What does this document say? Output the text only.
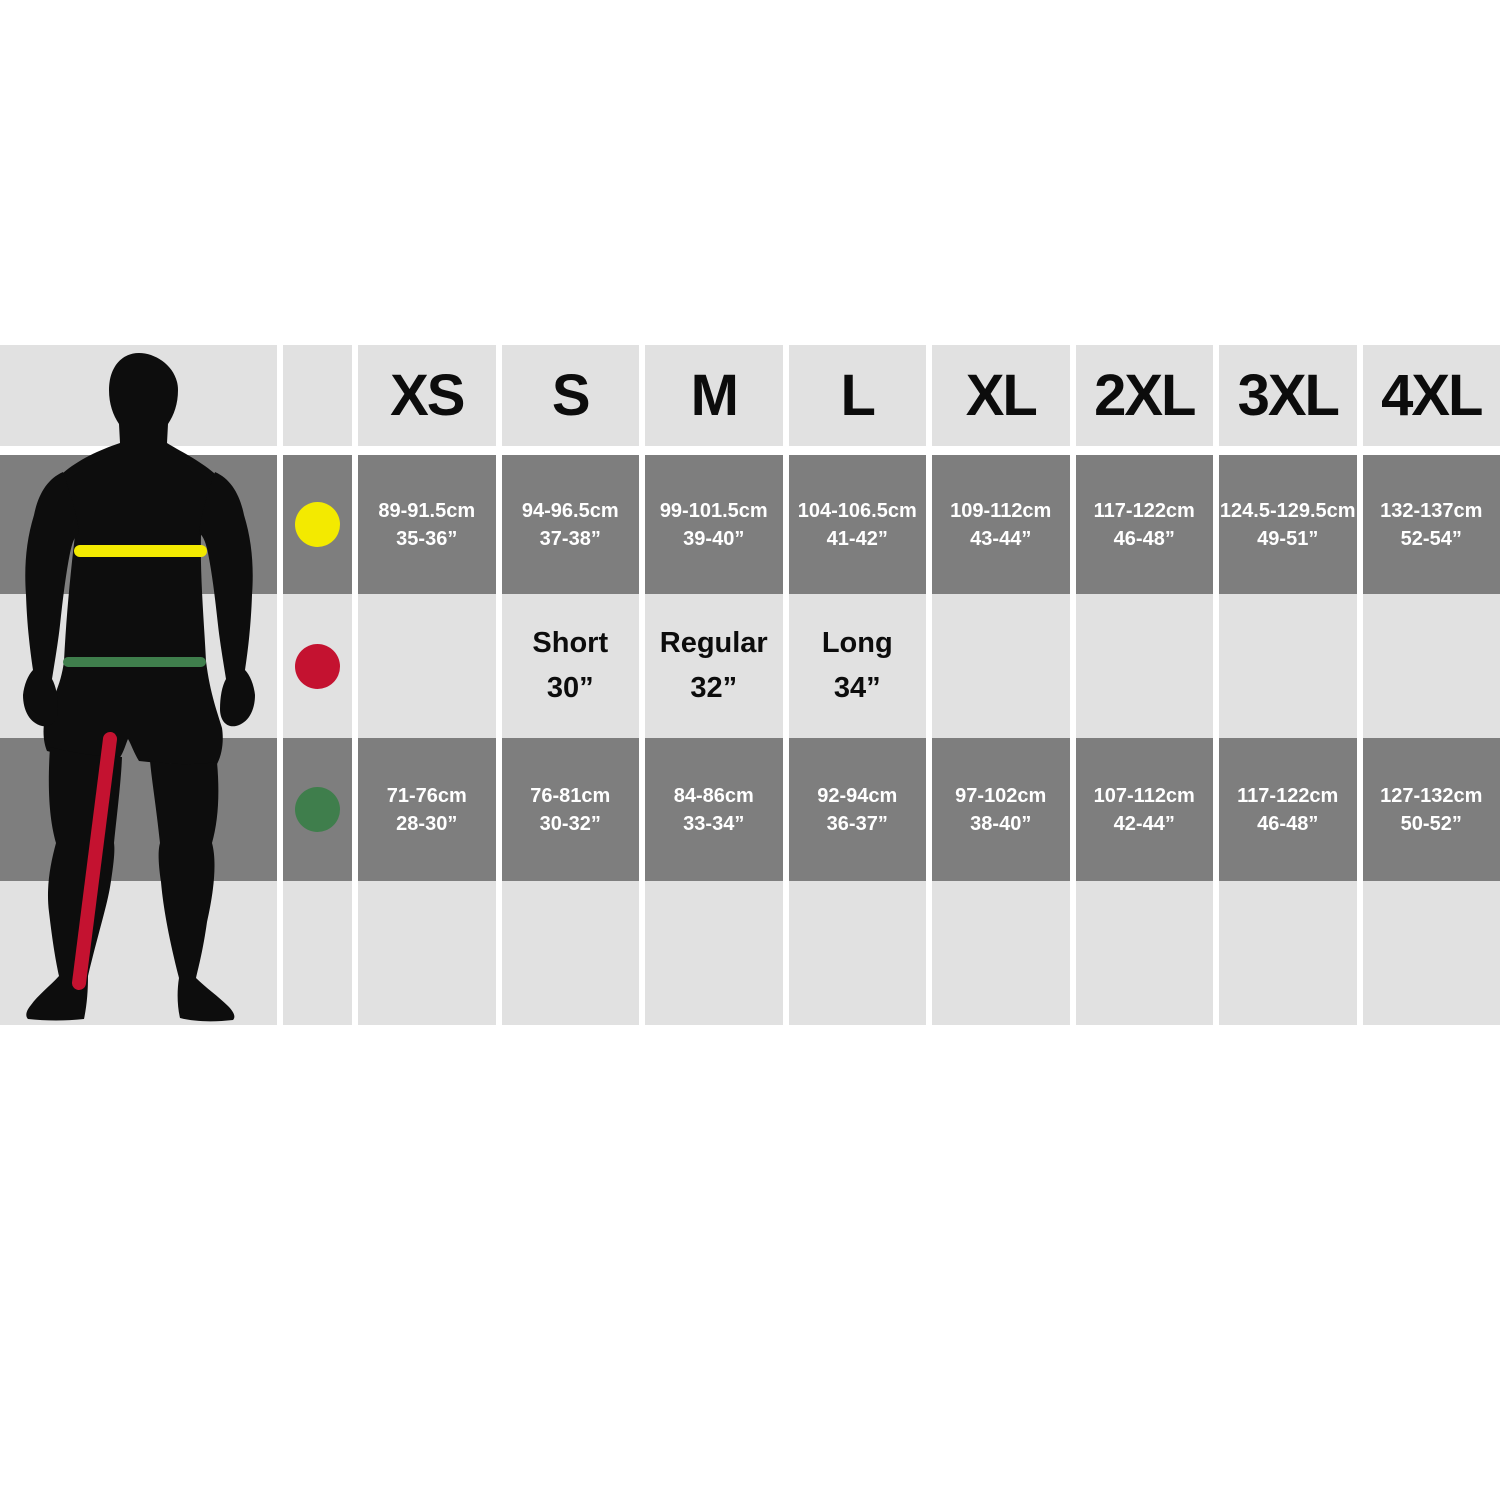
XS
89-91.5cm
35-36”
71-76cm
28-30”
S
94-96.5cm
37-38”
Short
30”
76-81cm
30-32”
M
99-101.5cm
39-40”
Regular
32”
84-86cm
33-34”
L
104-106.5cm
41-42”
Long
34”
92-94cm
36-37”
XL
109-112cm
43-44”
97-102cm
38-40”
2XL
117-122cm
46-48”
107-112cm
42-44”
3XL
124.5-129.5cm
49-51”
117-122cm
46-48”
4XL
132-137cm
52-54”
127-132cm
50-52”
